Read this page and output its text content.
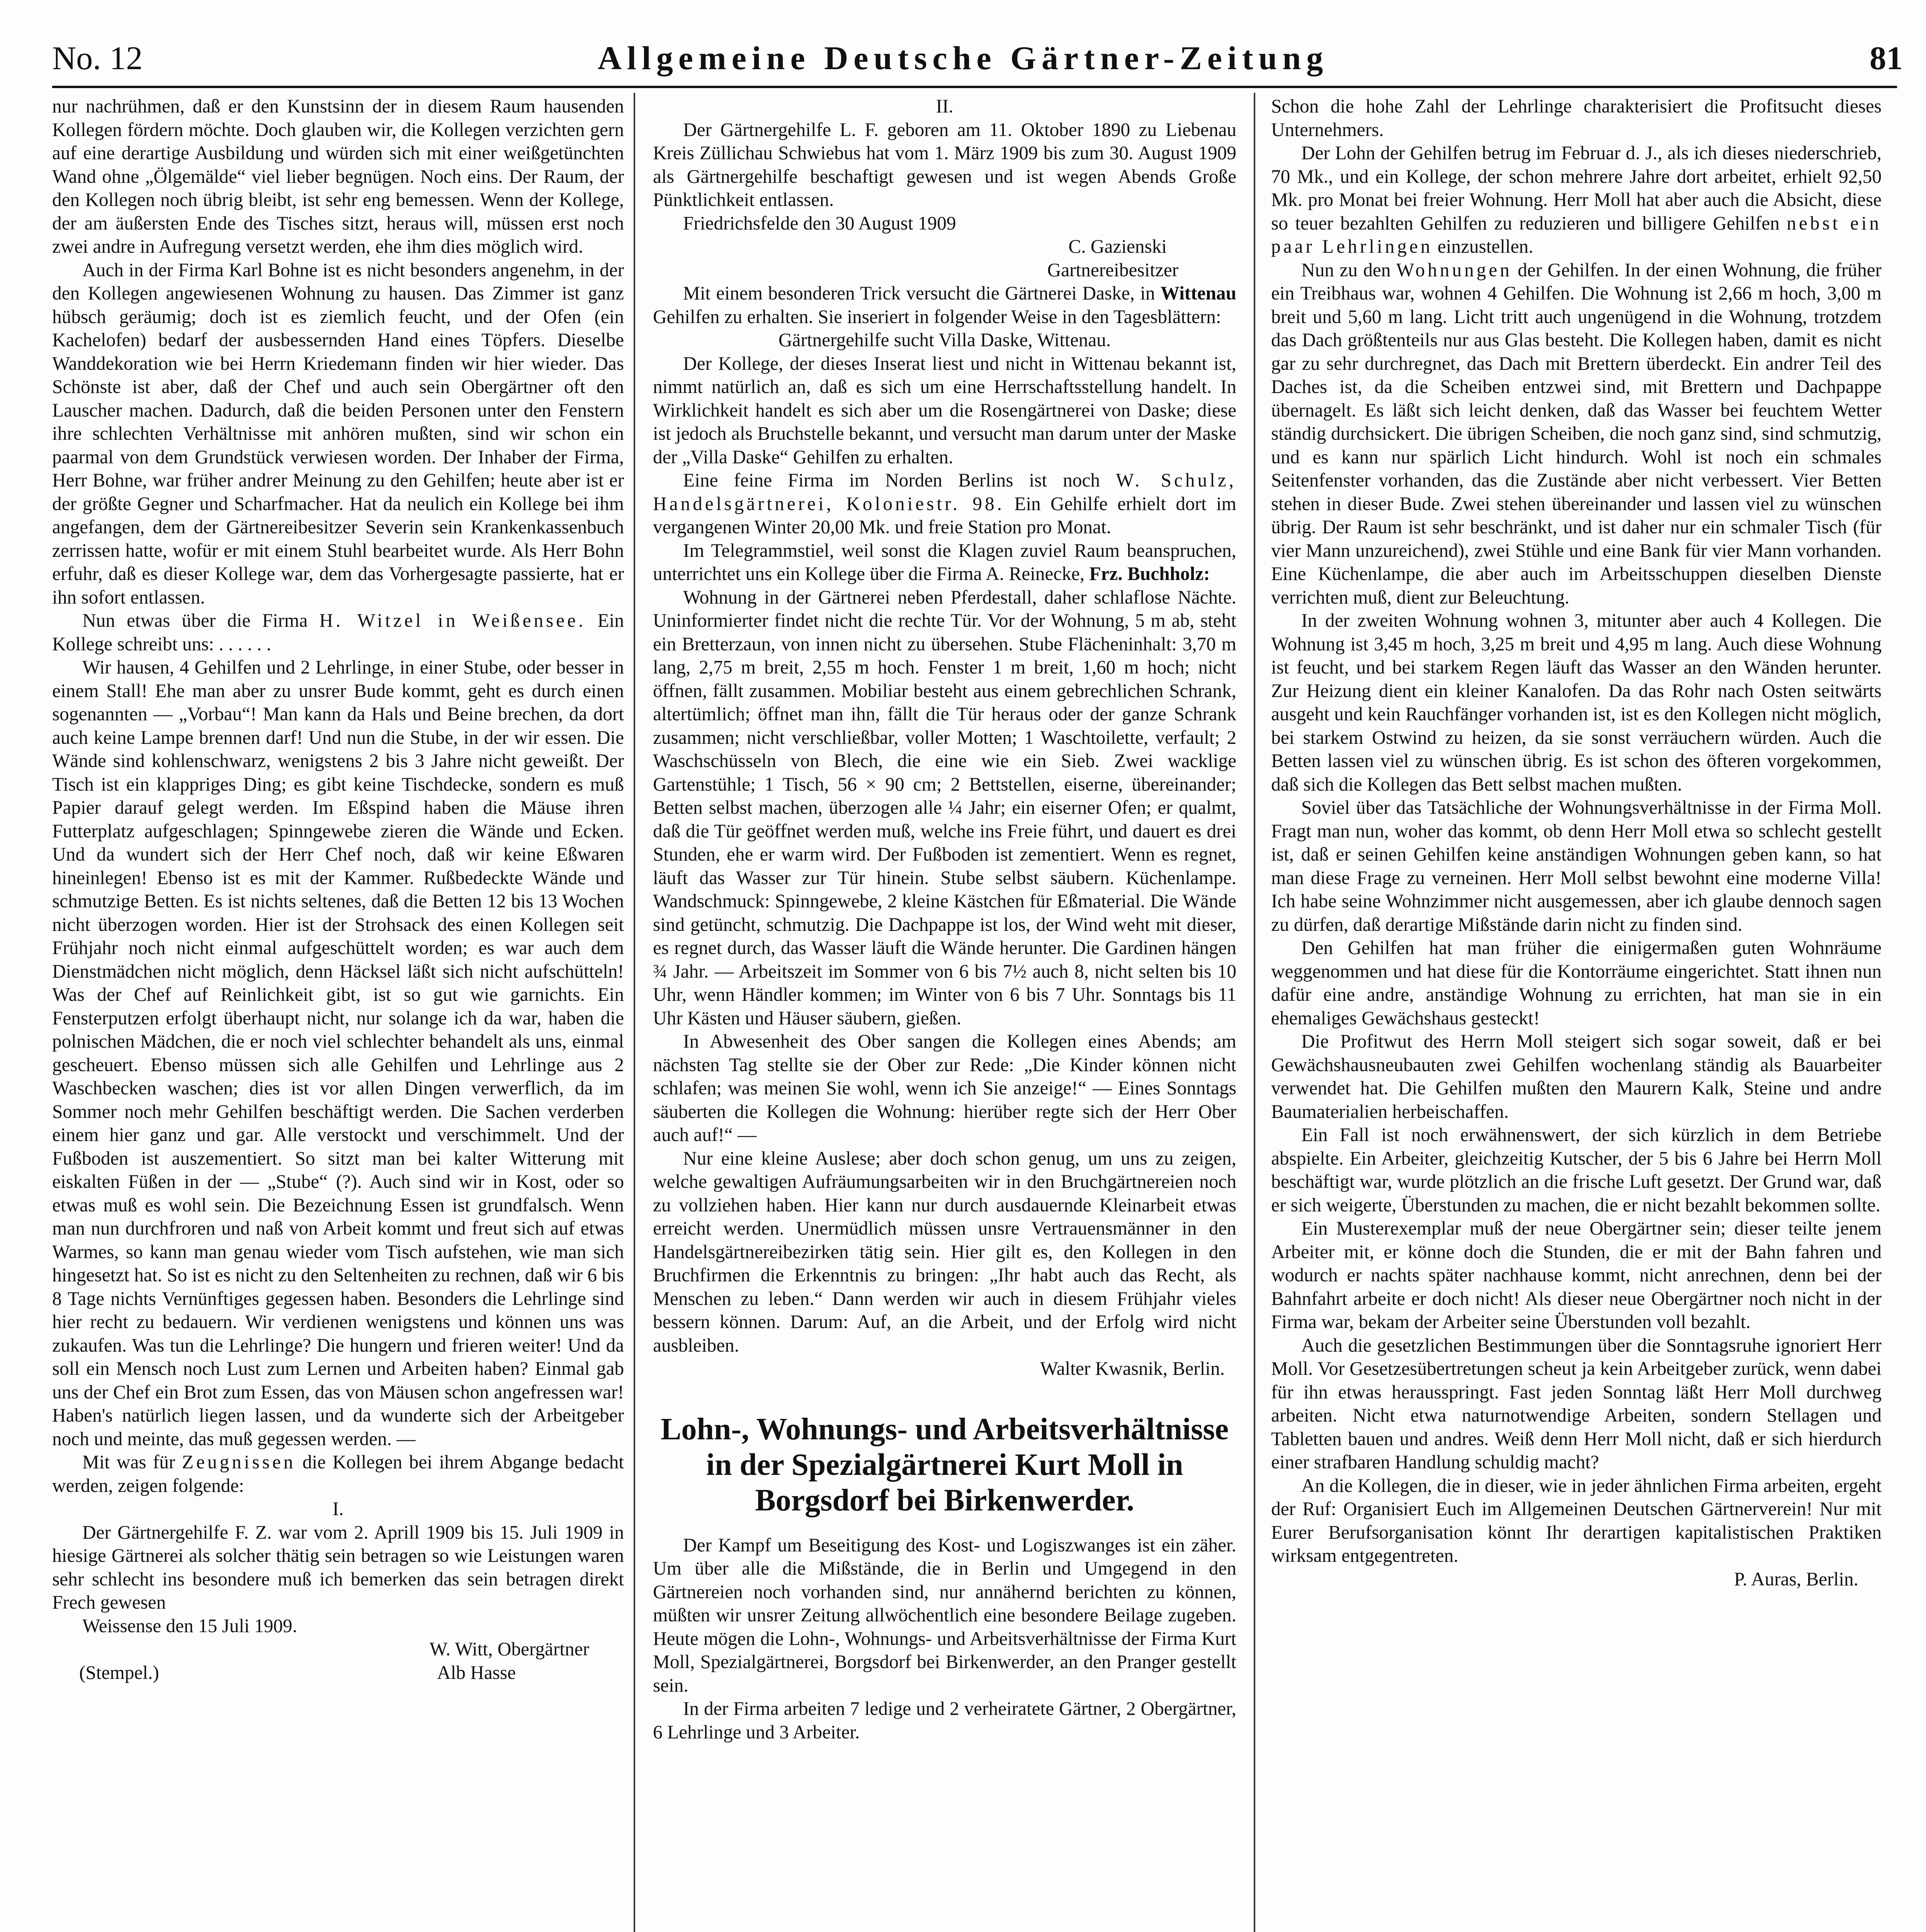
No. 12	Allgemeine Deutsche Gärtner-Zeitung	81

nur nachrühmen, daß er den Kunstsinn der in diesem Raum hausenden Kollegen fördern möchte. Doch glauben wir, die Kollegen verzichten gern auf eine derartige Ausbildung und würden sich mit einer weißgetünchten Wand ohne „Ölgemälde“ viel lieber begnügen. Noch eins. Der Raum, der den Kollegen noch übrig bleibt, ist sehr eng bemessen. Wenn der Kollege, der am äußersten Ende des Tisches sitzt, heraus will, müssen erst noch zwei andre in Aufregung versetzt werden, ehe ihm dies möglich wird.

Auch in der Firma Karl Bohne ist es nicht besonders angenehm, in der den Kollegen angewiesenen Wohnung zu hausen. Das Zimmer ist ganz hübsch geräumig; doch ist es ziemlich feucht, und der Ofen (ein Kachelofen) bedarf der ausbessernden Hand eines Töpfers. Dieselbe Wanddekoration wie bei Herrn Kriedemann finden wir hier wieder. Das Schönste ist aber, daß der Chef und auch sein Obergärtner oft den Lauscher machen. Dadurch, daß die beiden Personen unter den Fenstern ihre schlechten Verhältnisse mit anhören mußten, sind wir schon ein paarmal von dem Grundstück verwiesen worden. Der Inhaber der Firma, Herr Bohne, war früher andrer Meinung zu den Gehilfen; heute aber ist er der größte Gegner und Scharfmacher. Hat da neulich ein Kollege bei ihm angefangen, dem der Gärtnereibesitzer Severin sein Krankenkassenbuch zerrissen hatte, wofür er mit einem Stuhl bearbeitet wurde. Als Herr Bohn erfuhr, daß es dieser Kollege war, dem das Vorhergesagte passierte, hat er ihn sofort entlassen.

Nun etwas über die Firma H. Witzel in Weißensee. Ein Kollege schreibt uns: . . . . . .

Wir hausen, 4 Gehilfen und 2 Lehrlinge, in einer Stube, oder besser in einem Stall! Ehe man aber zu unsrer Bude kommt, geht es durch einen sogenannten — „Vorbau“! Man kann da Hals und Beine brechen, da dort auch keine Lampe brennen darf! Und nun die Stube, in der wir essen. Die Wände sind kohlenschwarz, wenigstens 2 bis 3 Jahre nicht geweißt. Der Tisch ist ein klappriges Ding; es gibt keine Tischdecke, sondern es muß Papier darauf gelegt werden. Im Eßspind haben die Mäuse ihren Futterplatz aufgeschlagen; Spinngewebe zieren die Wände und Ecken. Und da wundert sich der Herr Chef noch, daß wir keine Eßwaren hineinlegen! Ebenso ist es mit der Kammer. Rußbedeckte Wände und schmutzige Betten. Es ist nichts seltenes, daß die Betten 12 bis 13 Wochen nicht überzogen worden. Hier ist der Strohsack des einen Kollegen seit Frühjahr noch nicht einmal aufgeschüttelt worden; es war auch dem Dienstmädchen nicht möglich, denn Häcksel läßt sich nicht aufschütteln! Was der Chef auf Reinlichkeit gibt, ist so gut wie garnichts. Ein Fensterputzen erfolgt überhaupt nicht, nur solange ich da war, haben die polnischen Mädchen, die er noch viel schlechter behandelt als uns, einmal gescheuert. Ebenso müssen sich alle Gehilfen und Lehrlinge aus 2 Waschbecken waschen; dies ist vor allen Dingen verwerflich, da im Sommer noch mehr Gehilfen beschäftigt werden. Die Sachen verderben einem hier ganz und gar. Alle verstockt und verschimmelt. Und der Fußboden ist auszementiert. So sitzt man bei kalter Witterung mit eiskalten Füßen in der — „Stube“ (?). Auch sind wir in Kost, oder so etwas muß es wohl sein. Die Bezeichnung Essen ist grundfalsch. Wenn man nun durchfroren und naß von Arbeit kommt und freut sich auf etwas Warmes, so kann man genau wieder vom Tisch aufstehen, wie man sich hingesetzt hat. So ist es nicht zu den Seltenheiten zu rechnen, daß wir 6 bis 8 Tage nichts Vernünftiges gegessen haben. Besonders die Lehrlinge sind hier recht zu bedauern. Wir verdienen wenigstens und können uns was zukaufen. Was tun die Lehrlinge? Die hungern und frieren weiter! Und da soll ein Mensch noch Lust zum Lernen und Arbeiten haben? Einmal gab uns der Chef ein Brot zum Essen, das von Mäusen schon angefressen war! Haben's natürlich liegen lassen, und da wunderte sich der Arbeitgeber noch und meinte, das muß gegessen werden. —

Mit was für Zeugnissen die Kollegen bei ihrem Abgange bedacht werden, zeigen folgende:

I.

Der Gärtnergehilfe F. Z. war vom 2. Aprill 1909 bis 15. Juli 1909 in hiesige Gärtnerei als solcher thätig sein betragen so wie Leistungen waren sehr schlecht ins besondere muß ich bemerken das sein betragen direkt Frech gewesen

Weissense den 15 Juli 1909.

W. Witt, Obergärtner

(Stempel.)	Alb Hasse

II.

Der Gärtnergehilfe L. F. geboren am 11. Oktober 1890 zu Liebenau Kreis Züllichau Schwiebus hat vom 1. März 1909 bis zum 30. August 1909 als Gärtnergehilfe beschaftigt gewesen und ist wegen Abends Große Pünktlichkeit entlassen.

Friedrichsfelde den 30 August 1909

C. Gazienski

Gartnereibesitzer

Mit einem besonderen Trick versucht die Gärtnerei Daske, in Wittenau Gehilfen zu erhalten. Sie inseriert in folgender Weise in den Tagesblättern:

Gärtnergehilfe sucht Villa Daske, Wittenau.

Der Kollege, der dieses Inserat liest und nicht in Wittenau bekannt ist, nimmt natürlich an, daß es sich um eine Herrschaftsstellung handelt. In Wirklichkeit handelt es sich aber um die Rosengärtnerei von Daske; diese ist jedoch als Bruchstelle bekannt, und versucht man darum unter der Maske der „Villa Daske“ Gehilfen zu erhalten.

Eine feine Firma im Norden Berlins ist noch W. Schulz, Handelsgärtnerei, Koloniestr. 98. Ein Gehilfe erhielt dort im vergangenen Winter 20,00 Mk. und freie Station pro Monat.

Im Telegrammstiel, weil sonst die Klagen zuviel Raum beanspruchen, unterrichtet uns ein Kollege über die Firma A. Reinecke, Frz. Buchholz:

Wohnung in der Gärtnerei neben Pferdestall, daher schlaflose Nächte. Uninformierter findet nicht die rechte Tür. Vor der Wohnung, 5 m ab, steht ein Bretterzaun, von innen nicht zu übersehen. Stube Flächeninhalt: 3,70 m lang, 2,75 m breit, 2,55 m hoch. Fenster 1 m breit, 1,60 m hoch; nicht öffnen, fällt zusammen. Mobiliar besteht aus einem gebrechlichen Schrank, altertümlich; öffnet man ihn, fällt die Tür heraus oder der ganze Schrank zusammen; nicht verschließbar, voller Motten; 1 Waschtoilette, verfault; 2 Waschschüsseln von Blech, die eine wie ein Sieb. Zwei wacklige Gartenstühle; 1 Tisch, 56 × 90 cm; 2 Bettstellen, eiserne, übereinander; Betten selbst machen, überzogen alle ¼ Jahr; ein eiserner Ofen; er qualmt, daß die Tür geöffnet werden muß, welche ins Freie führt, und dauert es drei Stunden, ehe er warm wird. Der Fußboden ist zementiert. Wenn es regnet, läuft das Wasser zur Tür hinein. Stube selbst säubern. Küchenlampe. Wandschmuck: Spinngewebe, 2 kleine Kästchen für Eßmaterial. Die Wände sind getüncht, schmutzig. Die Dachpappe ist los, der Wind weht mit dieser, es regnet durch, das Wasser läuft die Wände herunter. Die Gardinen hängen ¾ Jahr. — Arbeitszeit im Sommer von 6 bis 7½ auch 8, nicht selten bis 10 Uhr, wenn Händler kommen; im Winter von 6 bis 7 Uhr. Sonntags bis 11 Uhr Kästen und Häuser säubern, gießen.

In Abwesenheit des Ober sangen die Kollegen eines Abends; am nächsten Tag stellte sie der Ober zur Rede: „Die Kinder können nicht schlafen; was meinen Sie wohl, wenn ich Sie anzeige!“ — Eines Sonntags säuberten die Kollegen die Wohnung: hierüber regte sich der Herr Ober auch auf!“ —

Nur eine kleine Auslese; aber doch schon genug, um uns zu zeigen, welche gewaltigen Aufräumungsarbeiten wir in den Bruchgärtnereien noch zu vollziehen haben. Hier kann nur durch ausdauernde Kleinarbeit etwas erreicht werden. Unermüdlich müssen unsre Vertrauensmänner in den Handelsgärtnereibezirken tätig sein. Hier gilt es, den Kollegen in den Bruchfirmen die Erkenntnis zu bringen: „Ihr habt auch das Recht, als Menschen zu leben.“ Dann werden wir auch in diesem Frühjahr vieles bessern können. Darum: Auf, an die Arbeit, und der Erfolg wird nicht ausbleiben.

Walter Kwasnik, Berlin.

Lohn-, Wohnungs- und Arbeitsverhältnisse in der Spezialgärtnerei Kurt Moll in Borgsdorf bei Birkenwerder.

Der Kampf um Beseitigung des Kost- und Logiszwanges ist ein zäher. Um über alle die Mißstände, die in Berlin und Umgegend in den Gärtnereien noch vorhanden sind, nur annähernd berichten zu können, müßten wir unsrer Zeitung allwöchentlich eine besondere Beilage zugeben. Heute mögen die Lohn-, Wohnungs- und Arbeitsverhältnisse der Firma Kurt Moll, Spezialgärtnerei, Borgsdorf bei Birkenwerder, an den Pranger gestellt sein.

In der Firma arbeiten 7 ledige und 2 verheiratete Gärtner, 2 Obergärtner, 6 Lehrlinge und 3 Arbeiter.

Schon die hohe Zahl der Lehrlinge charakterisiert die Profitsucht dieses Unternehmers.

Der Lohn der Gehilfen betrug im Februar d. J., als ich dieses niederschrieb, 70 Mk., und ein Kollege, der schon mehrere Jahre dort arbeitet, erhielt 92,50 Mk. pro Monat bei freier Wohnung. Herr Moll hat aber auch die Absicht, diese so teuer bezahlten Gehilfen zu reduzieren und billigere Gehilfen nebst ein paar Lehrlingen einzustellen.

Nun zu den Wohnungen der Gehilfen. In der einen Wohnung, die früher ein Treibhaus war, wohnen 4 Gehilfen. Die Wohnung ist 2,66 m hoch, 3,00 m breit und 5,60 m lang. Licht tritt auch ungenügend in die Wohnung, trotzdem das Dach größtenteils nur aus Glas besteht. Die Kollegen haben, damit es nicht gar zu sehr durchregnet, das Dach mit Brettern überdeckt. Ein andrer Teil des Daches ist, da die Scheiben entzwei sind, mit Brettern und Dachpappe übernagelt. Es läßt sich leicht denken, daß das Wasser bei feuchtem Wetter ständig durchsickert. Die übrigen Scheiben, die noch ganz sind, sind schmutzig, und es kann nur spärlich Licht hindurch. Wohl ist noch ein schmales Seitenfenster vorhanden, das die Zustände aber nicht verbessert. Vier Betten stehen in dieser Bude. Zwei stehen übereinander und lassen viel zu wünschen übrig. Der Raum ist sehr beschränkt, und ist daher nur ein schmaler Tisch (für vier Mann unzureichend), zwei Stühle und eine Bank für vier Mann vorhanden. Eine Küchenlampe, die aber auch im Arbeitsschuppen dieselben Dienste verrichten muß, dient zur Beleuchtung.

In der zweiten Wohnung wohnen 3, mitunter aber auch 4 Kollegen. Die Wohnung ist 3,45 m hoch, 3,25 m breit und 4,95 m lang. Auch diese Wohnung ist feucht, und bei starkem Regen läuft das Wasser an den Wänden herunter. Zur Heizung dient ein kleiner Kanalofen. Da das Rohr nach Osten seitwärts ausgeht und kein Rauchfänger vorhanden ist, ist es den Kollegen nicht möglich, bei starkem Ostwind zu heizen, da sie sonst verräuchern würden. Auch die Betten lassen viel zu wünschen übrig. Es ist schon des öfteren vorgekommen, daß sich die Kollegen das Bett selbst machen mußten.

Soviel über das Tatsächliche der Wohnungsverhältnisse in der Firma Moll. Fragt man nun, woher das kommt, ob denn Herr Moll etwa so schlecht gestellt ist, daß er seinen Gehilfen keine anständigen Wohnungen geben kann, so hat man diese Frage zu verneinen. Herr Moll selbst bewohnt eine moderne Villa! Ich habe seine Wohnzimmer nicht ausgemessen, aber ich glaube dennoch sagen zu dürfen, daß derartige Mißstände darin nicht zu finden sind.

Den Gehilfen hat man früher die einigermaßen guten Wohnräume weggenommen und hat diese für die Kontorräume eingerichtet. Statt ihnen nun dafür eine andre, anständige Wohnung zu errichten, hat man sie in ein ehemaliges Gewächshaus gesteckt!

Die Profitwut des Herrn Moll steigert sich sogar soweit, daß er bei Gewächshausneubauten zwei Gehilfen wochenlang ständig als Bauarbeiter verwendet hat. Die Gehilfen mußten den Maurern Kalk, Steine und andre Baumaterialien herbeischaffen.

Ein Fall ist noch erwähnenswert, der sich kürzlich in dem Betriebe abspielte. Ein Arbeiter, gleichzeitig Kutscher, der 5 bis 6 Jahre bei Herrn Moll beschäftigt war, wurde plötzlich an die frische Luft gesetzt. Der Grund war, daß er sich weigerte, Überstunden zu machen, die er nicht bezahlt bekommen sollte.

Ein Musterexemplar muß der neue Obergärtner sein; dieser teilte jenem Arbeiter mit, er könne doch die Stunden, die er mit der Bahn fahren und wodurch er nachts später nachhause kommt, nicht anrechnen, denn bei der Bahnfahrt arbeite er doch nicht! Als dieser neue Obergärtner noch nicht in der Firma war, bekam der Arbeiter seine Überstunden voll bezahlt.

Auch die gesetzlichen Bestimmungen über die Sonntagsruhe ignoriert Herr Moll. Vor Gesetzesübertretungen scheut ja kein Arbeitgeber zurück, wenn dabei für ihn etwas herausspringt. Fast jeden Sonntag läßt Herr Moll durchweg arbeiten. Nicht etwa naturnotwendige Arbeiten, sondern Stellagen und Tabletten bauen und andres. Weiß denn Herr Moll nicht, daß er sich hierdurch einer strafbaren Handlung schuldig macht?

An die Kollegen, die in dieser, wie in jeder ähnlichen Firma arbeiten, ergeht der Ruf: Organisiert Euch im Allgemeinen Deutschen Gärtnerverein! Nur mit Eurer Berufsorganisation könnt Ihr derartigen kapitalistischen Praktiken wirksam entgegentreten.

P. Auras, Berlin.
